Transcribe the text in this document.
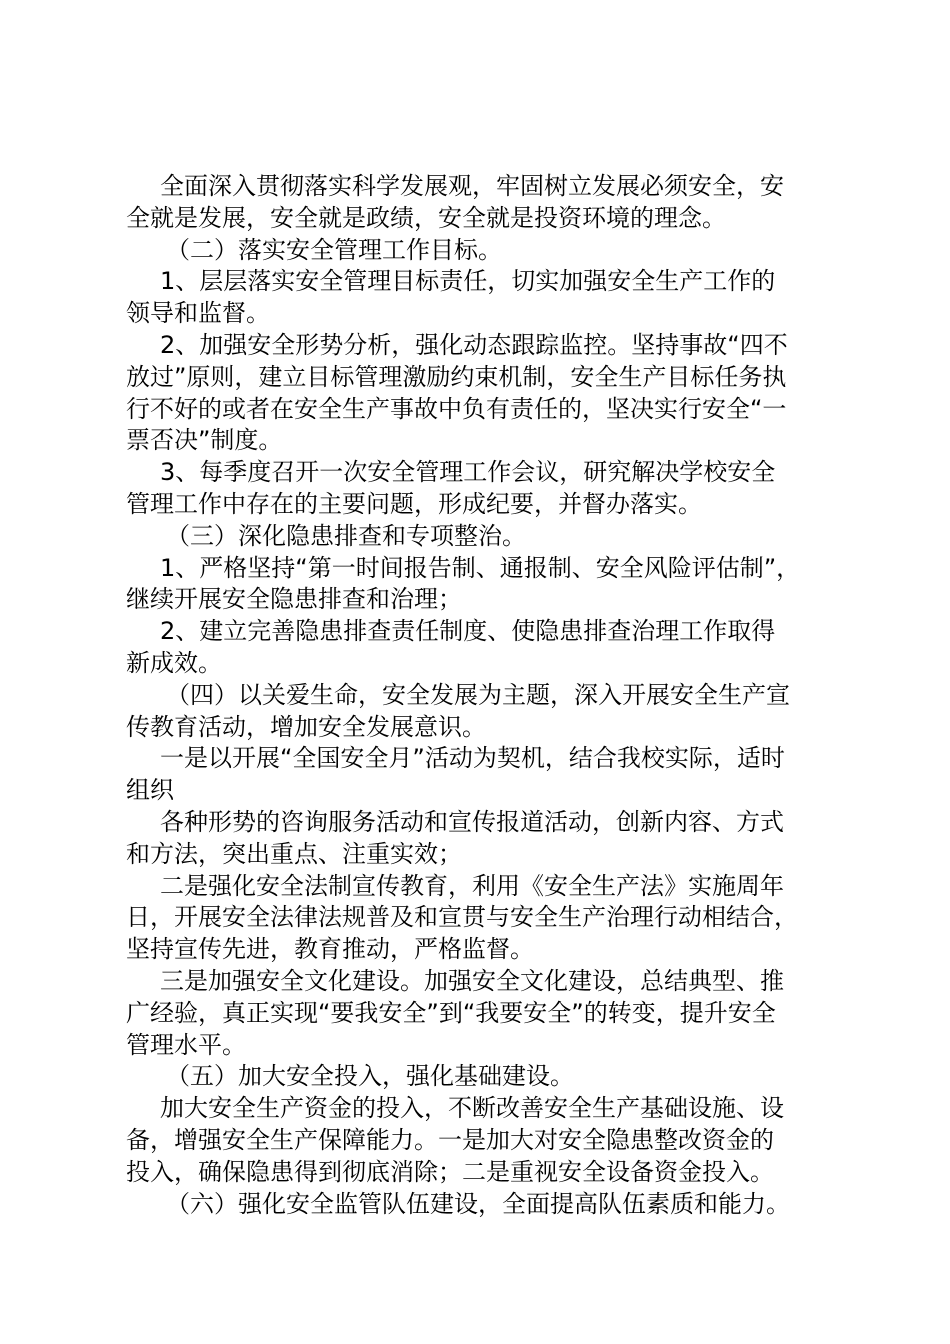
全面深入贯彻落实科学发展观，牢固树立发展必须安全，安
全就是发展，安全就是政绩，安全就是投资环境的理念。
（二）落实安全管理工作目标。
1、层层落实安全管理目标责任，切实加强安全生产工作的
领导和监督。
2、加强安全形势分析，强化动态跟踪监控。坚持事故“四不
放过”原则，建立目标管理激励约束机制，安全生产目标任务执
行不好的或者在安全生产事故中负有责任的，坚决实行安全“一
票否决”制度。
3、每季度召开一次安全管理工作会议，研究解决学校安全
管理工作中存在的主要问题，形成纪要，并督办落实。
（三）深化隐患排查和专项整治。
1、严格坚持“第一时间报告制、通报制、安全风险评估制”，
继续开展安全隐患排查和治理；
2、建立完善隐患排查责任制度、使隐患排查治理工作取得
新成效。
（四）以关爱生命，安全发展为主题，深入开展安全生产宣
传教育活动，增加安全发展意识。
一是以开展“全国安全月”活动为契机，结合我校实际，适时
组织
各种形势的咨询服务活动和宣传报道活动，创新内容、方式
和方法，突出重点、注重实效；
二是强化安全法制宣传教育，利用《安全生产法》实施周年
日，开展安全法律法规普及和宣贯与安全生产治理行动相结合，
坚持宣传先进，教育推动，严格监督。
三是加强安全文化建设。加强安全文化建设，总结典型、推
广经验，真正实现“要我安全”到“我要安全”的转变，提升安全
管理水平。
（五）加大安全投入，强化基础建设。
加大安全生产资金的投入，不断改善安全生产基础设施、设
备，增强安全生产保障能力。一是加大对安全隐患整改资金的
投入，确保隐患得到彻底消除；二是重视安全设备资金投入。
（六）强化安全监管队伍建设，全面提高队伍素质和能力。
